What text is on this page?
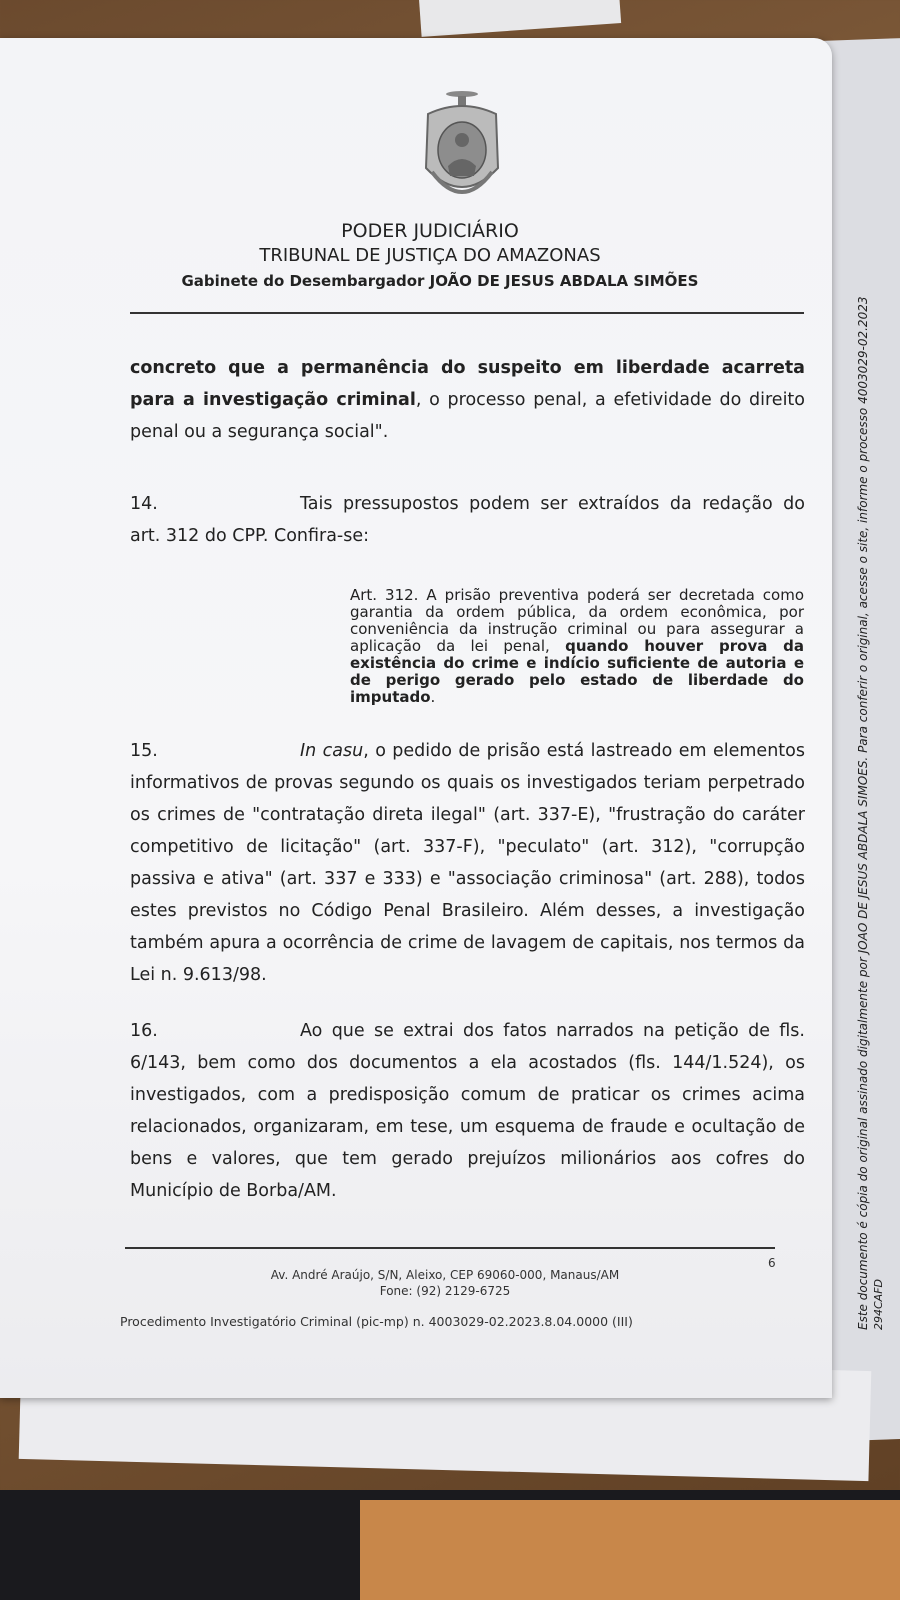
PODER JUDICIÁRIO
TRIBUNAL DE JUSTIÇA DO AMAZONAS
Gabinete do Desembargador JOÃO DE JESUS ABDALA SIMÕES
concreto que a permanência do suspeito em liberdade acarreta para a investigação criminal, o processo penal, a efetividade do direito penal ou a segurança social".
14.	Tais pressupostos podem ser extraídos da redação do art. 312 do CPP. Confira-se:
Art. 312. A prisão preventiva poderá ser decretada como garantia da ordem pública, da ordem econômica, por conveniência da instrução criminal ou para assegurar a aplicação da lei penal, quando houver prova da existência do crime e indício suficiente de autoria e de perigo gerado pelo estado de liberdade do imputado.
15.	In casu, o pedido de prisão está lastreado em elementos informativos de provas segundo os quais os investigados teriam perpetrado os crimes de "contratação direta ilegal" (art. 337-E), "frustração do caráter competitivo de licitação" (art. 337-F), "peculato" (art. 312), "corrupção passiva e ativa" (art. 337 e 333) e "associação criminosa" (art. 288), todos estes previstos no Código Penal Brasileiro. Além desses, a investigação também apura a ocorrência de crime de lavagem de capitais, nos termos da Lei n. 9.613/98.
16.	Ao que se extrai dos fatos narrados na petição de fls. 6/143, bem como dos documentos a ela acostados (fls. 144/1.524), os investigados, com a predisposição comum de praticar os crimes acima relacionados, organizaram, em tese, um esquema de fraude e ocultação de bens e valores, que tem gerado prejuízos milionários aos cofres do Município de Borba/AM.
6
Av. André Araújo, S/N, Aleixo, CEP 69060-000, Manaus/AM
Fone: (92) 2129-6725
Procedimento Investigatório Criminal (pic-mp) n. 4003029-02.2023.8.04.0000 (III)	Este documento é cópia do original assinado digitalmente por JOAO DE JESUS ABDALA SIMOES. Para conferir o original, acesse o site, informe o processo 4003029-02.2023 294CAFD
